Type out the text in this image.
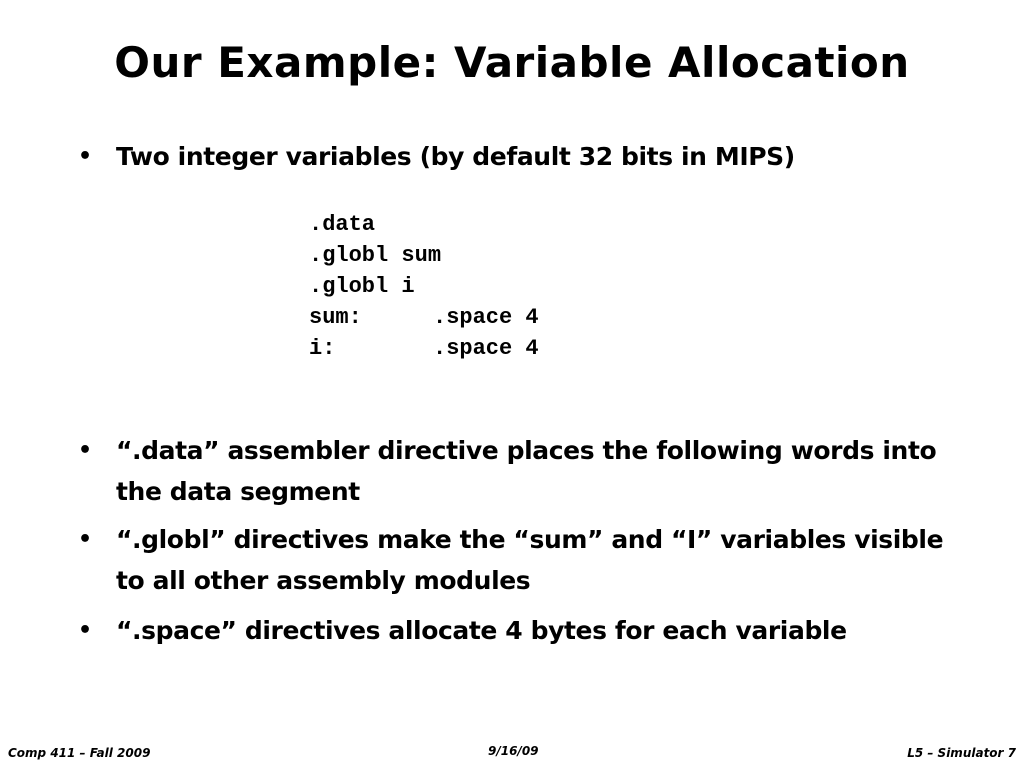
Our Example: Variable Allocation
• Two integer variables (by default 32 bits in MIPS)
.data
.globl sum
.globl i
sum:	.space 4
i:	.space 4
• “.data” assembler directive places the following words into the data segment
• “.globl” directives make the “sum” and “I” variables visible to all other assembly modules
• “.space” directives allocate 4 bytes for each variable
Comp 411 – Fall 2009	9/16/09	L5 – Simulator 7
